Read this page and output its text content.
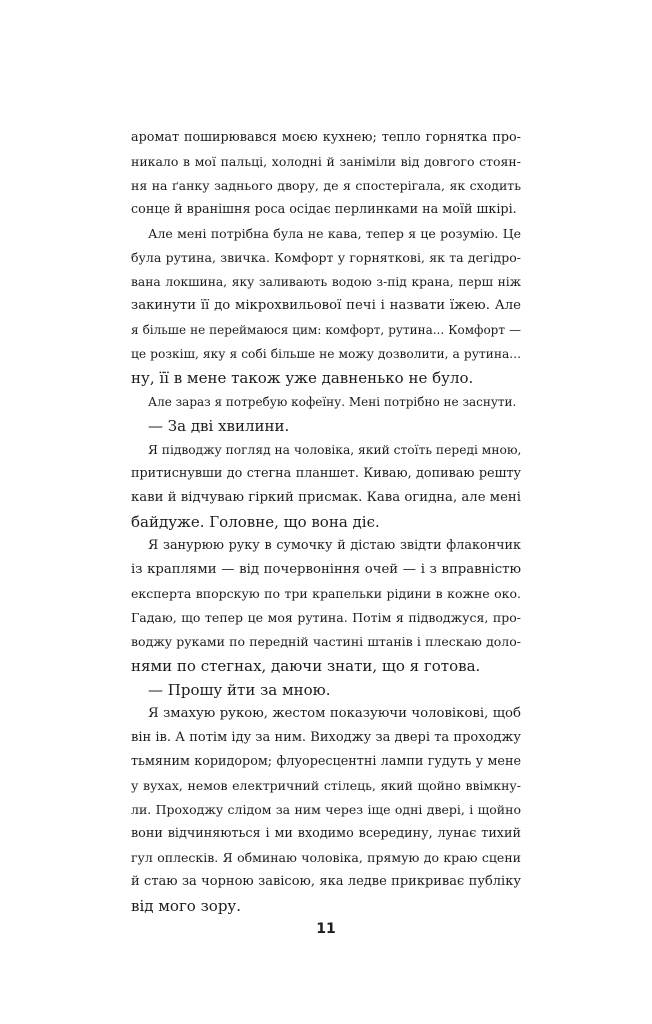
аромат поширювався моєю кухнею; тепло горнятка про-
никало в мої пальці, холодні й заніміли від довгого стоян-
ня на ґанку заднього двору, де я спостерігала, як сходить
сонце й вранішня роса осідає перлинками на моїй шкірі.
Але мені потрібна була не кава, тепер я це розумію. Це
була рутина, звичка. Комфорт у горнятковi, як та дегідро-
вана локшина, яку заливають водою з-під крана, перш ніж
закинути її до мікрохвильової печі і назвати їжею. Але
я більше не переймаюся цим: комфорт, рутина... Комфорт —
це розкіш, яку я собі більше не можу дозволити, а рутина...
ну, її в мене також уже давненько не було.
Але зараз я потребую кофеїну. Мені потрібно не заснути.
— За дві хвилини.
Я підводжу погляд на чоловіка, який стоїть переді мною,
притиснувши до стегна планшет. Киваю, допиваю решту
кави й відчуваю гіркий присмак. Кава огидна, але мені
байдуже. Головне, що вона діє.
Я занурюю руку в сумочку й дістаю звідти флакончик
із краплями — від почервоніння очей — і з вправністю
експерта впорскую по три крапельки рідини в кожне око.
Гадаю, що тепер це моя рутина. Потім я підводжуся, про-
воджу руками по передній частині штанів і плескаю доло-
нями по стегнах, даючи знати, що я готова.
— Прошу йти за мною.
Я змахую рукою, жестом показуючи чоловікові, щоб
він ів. А потім іду за ним. Виходжу за двері та проходжу
тьмяним коридором; флуоресцентні лампи гудуть у мене
у вухах, немов електричний стілець, який щойно ввімкну-
ли. Проходжу слідом за ним через іще одні двері, і щойно
вони відчиняються і ми входимо всередину, лунає тихий
гул оплесків. Я обминаю чоловіка, прямую до краю сцени
й стаю за чорною завісою, яка ледве прикриває публіку
від мого зору.
11
